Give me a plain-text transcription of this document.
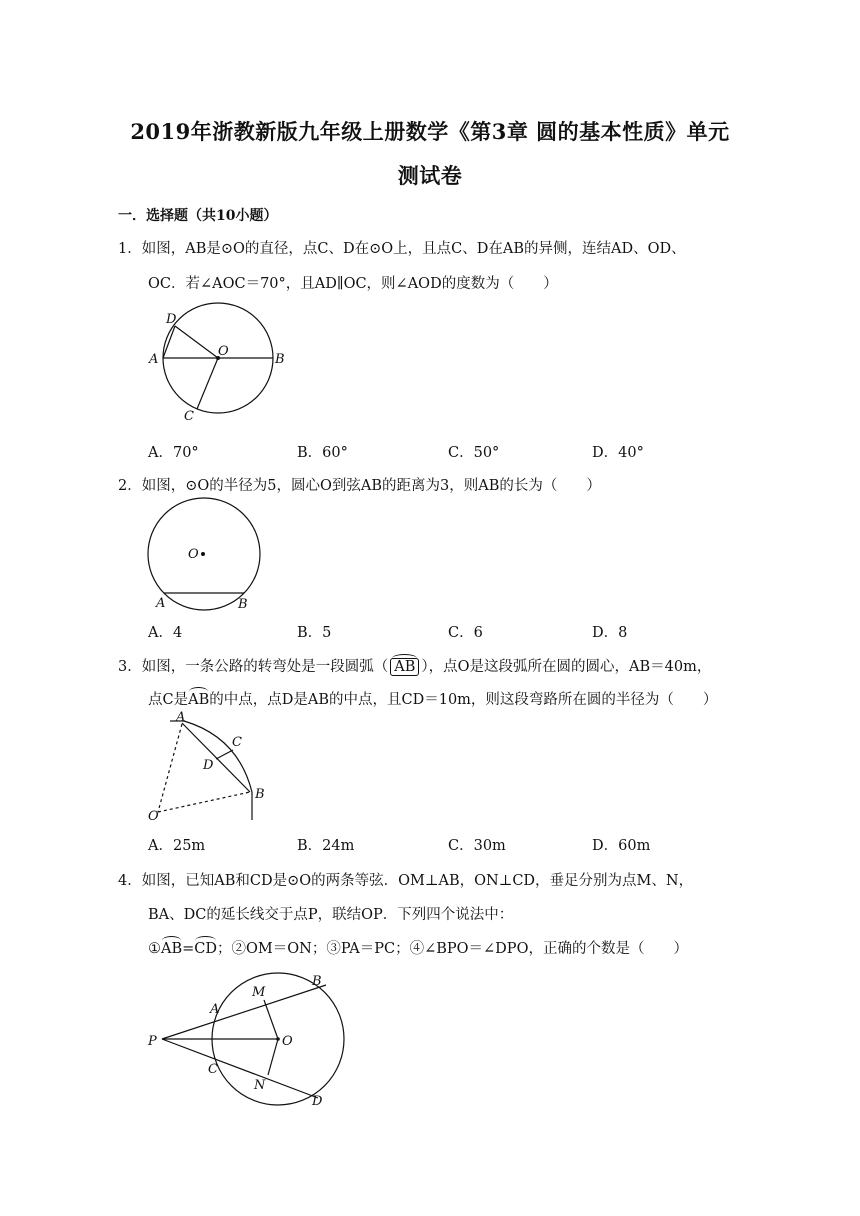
2019年浙教新版九年级上册数学《第3章 圆的基本性质》单元
测试卷
一．选择题（共10小题）
1．如图，AB是⊙O的直径，点C、D在⊙O上，且点C、D在AB的异侧，连结AD、OD、
OC．若∠AOC＝70°，且AD∥OC，则∠AOD的度数为（　　）
D
O
A	B
C
A．70°	B．60°	C．50°	D．40°
2．如图，⊙O的半径为5，圆心O到弦AB的距离为3，则AB的长为（　　）
O
A	B
A．4	B．5	C．6	D．8
3．如图，一条公路的转弯处是一段圆弧（ AB ），点O是这段弧所在圆的圆心，AB＝40m，
点C是AB的中点，点D是AB的中点，且CD＝10m，则这段弯路所在圆的半径为（　　）
A
C
D
O
B
A．25m	B．24m	C．30m	D．60m
4．如图，已知AB和CD是⊙O的两条等弦．OM⊥AB，ON⊥CD，垂足分别为点M、N，
BA、DC的延长线交于点P，联结OP．下列四个说法中：
①AB=CD；②OM＝ON；③PA＝PC；④∠BPO＝∠DPO，正确的个数是（　　）
B
M
A
P	O
C
N
D
